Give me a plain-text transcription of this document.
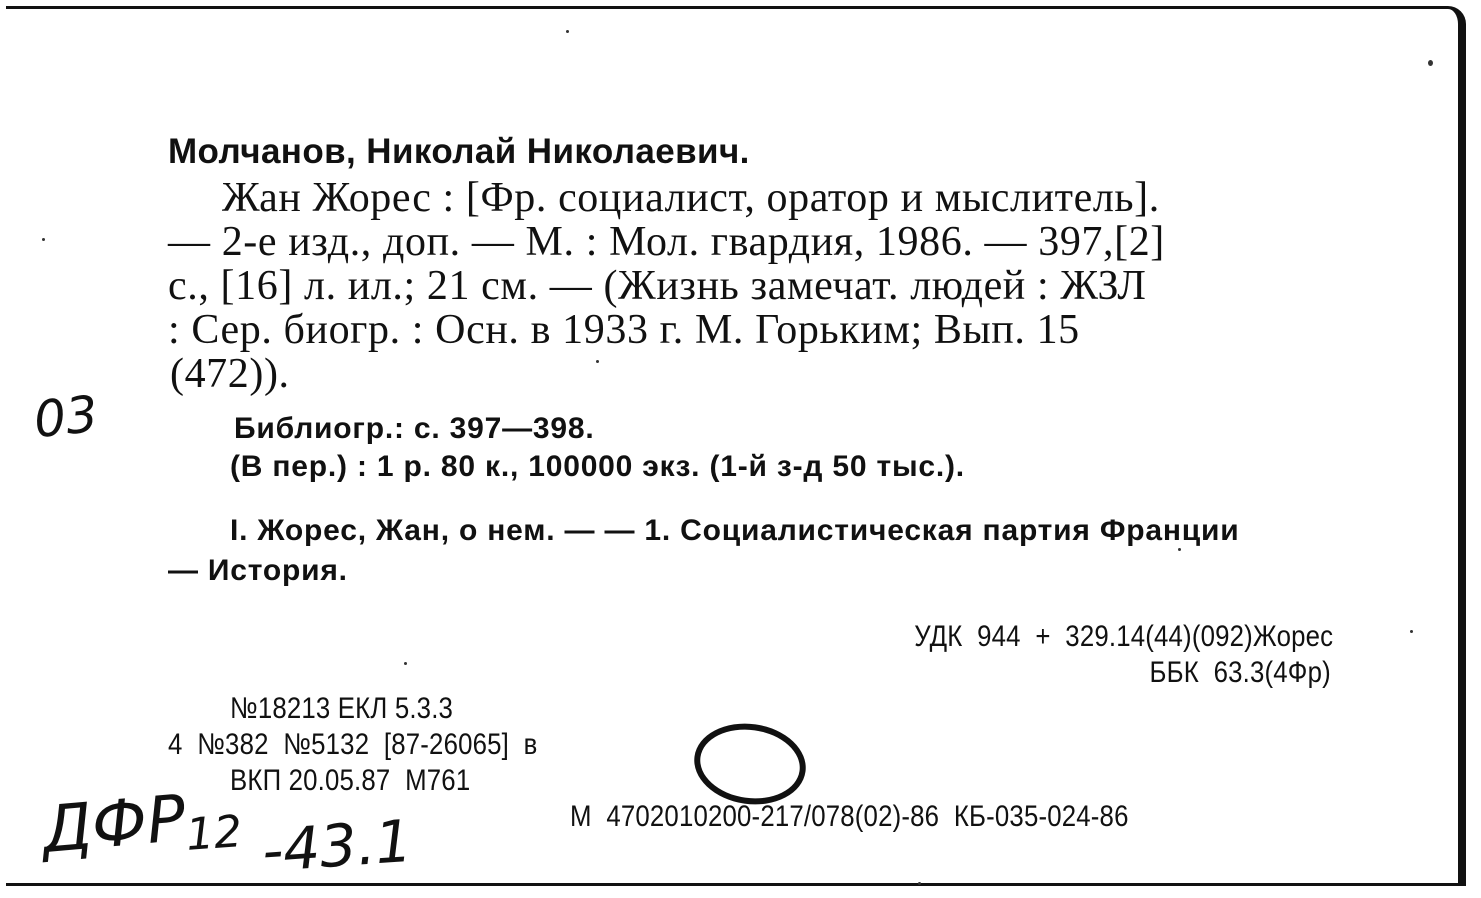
Молчанов, Николай Николаевич.
Жан Жорес : [Фр. социалист, оратор и мыслитель].
— 2-е изд., доп. — М. : Мол. гвардия, 1986. — 397,[2]
с., [16] л. ил.; 21 см. — (Жизнь замечат. людей : ЖЗЛ
: Сер. биогр. : Осн. в 1933 г. М. Горьким; Вып. 15
(472)).
03	Библиогр.: с. 397—398.
(В пер.) : 1 р. 80 к., 100000 экз. (1-й з-д 50 тыс.).
I. Жорес, Жан, о нем. — — 1. Социалистическая партия Франции
— История.
УДК  944  +  329.14(44)(092)Жорес
ББК  63.3(4Фр)
№18213 ЕКЛ 5.3.3
4  №382  №5132  [87-26065]  в
ВКП 20.05.87  М761
М  4702010200-217/078(02)-86  КБ-035-024-86
ДФР
12 -43.1
